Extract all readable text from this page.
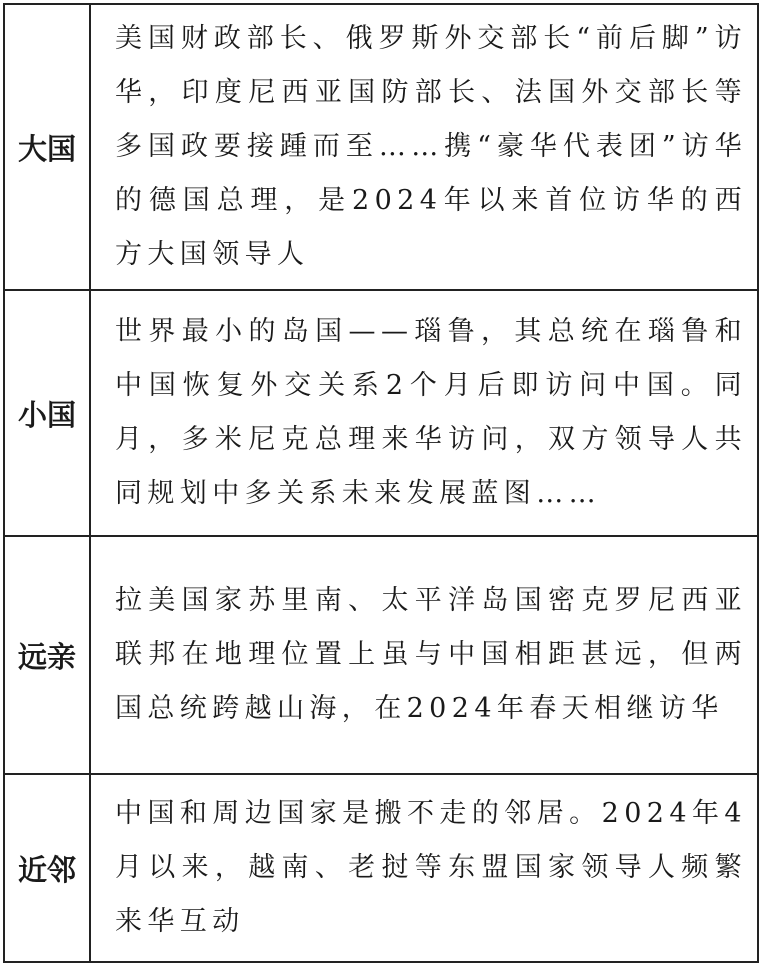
大国	美国财政部长、俄罗斯外交部长“前后脚”访华，印度尼西亚国防部长、法国外交部长等多国政要接踵而至……携“豪华代表团”访华的德国总理，是2024年以来首位访华的西方大国领导人
小国	世界最小的岛国——瑙鲁，其总统在瑙鲁和中国恢复外交关系2个月后即访问中国。同月，多米尼克总理来华访问，双方领导人共同规划中多关系未来发展蓝图……
远亲	拉美国家苏里南、太平洋岛国密克罗尼西亚联邦在地理位置上虽与中国相距甚远，但两国总统跨越山海，在2024年春天相继访华
近邻	中国和周边国家是搬不走的邻居。2024年4月以来，越南、老挝等东盟国家领导人频繁来华互动
